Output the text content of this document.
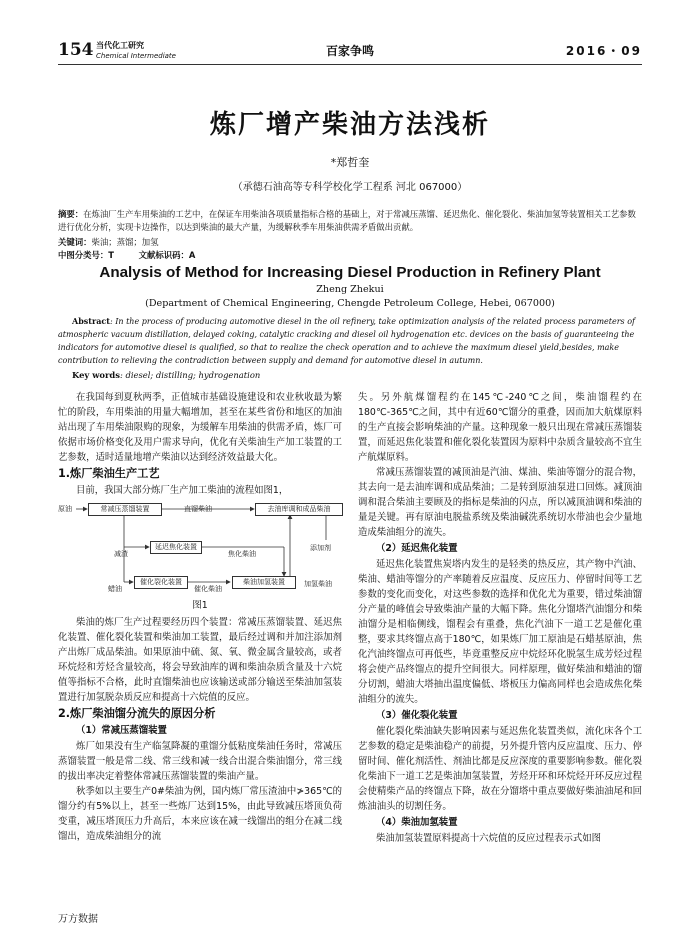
154 当代化工研究
Chemical Intermediate	百家争鸣	2016・09
炼厂增产柴油方法浅析
*郑哲奎
（承德石油高等专科学校化学工程系 河北 067000）
摘要：在炼油厂生产车用柴油的工艺中，在保证车用柴油各项质量指标合格的基础上，对于常减压蒸馏、延迟焦化、催化裂化、柴油加氢等装置相关工艺参数进行优化分析，实现卡边操作，以达到柴油的最大产量，为缓解秋季车用柴油供需矛盾做出贡献。
关键词：柴油；蒸馏；加氢
中图分类号：T	文献标识码：A
Analysis of Method for Increasing Diesel Production in Refinery Plant
Zheng Zhekui
(Department of Chemical Engineering, Chengde Petroleum College, Hebei, 067000)
Abstract: In the process of producing automotive diesel in the oil refinery, take optimization analysis of the related process parameters of atmospheric vacuum distillation, delayed coking, catalytic cracking and diesel oil hydrogenation etc. devices on the basis of guaranteeing the indicators for automotive diesel is qualified, so that to realize the check operation and to achieve the maximum diesel yield,besides, make contribution to relieving the contradiction between supply and demand for automotive diesel in autumn.
Key words: diesel; distilling; hydrogenation

在我国每到夏秋两季，正值城市基础设施建设和农业秋收最为繁忙的阶段，车用柴油的用量大幅增加，甚至在某些省份和地区的加油站出现了车用柴油限购的现象，为缓解车用柴油的供需矛盾，炼厂可依据市场价格变化及用户需求导向，优化有关柴油生产加工装置的工艺参数，适时适量地增产柴油以达到经济效益最大化。

1.炼厂柴油生产工艺

目前，我国大部分炼厂生产加工柴油的流程如图1，

原油	常减压蒸馏装置	直馏柴油	去油库调和成品柴油
减渣
延迟焦化装置
焦化柴油
添加剂
蜡油
催化裂化装置
催化柴油
柴油加氢装置	加氢柴油
图1

柴油的炼厂生产过程要经历四个装置：常减压蒸馏装置、延迟焦化装置、催化裂化装置和柴油加工装置，最后经过调和并加注添加剂产出炼厂成品柴油。如果原油中硫、氮、氧、微金属含量较高，或者环烷烃和芳烃含量较高，将会导致油库的调和柴油杂质含量及十六烷值等指标不合格，此时直馏柴油也应该输送或部分输送至柴油加氢装置进行加氢脱杂质反应和提高十六烷值的反应。

2.炼厂柴油馏分流失的原因分析
（1）常减压蒸馏装置

炼厂如果没有生产临氢降凝的重馏分低粘度柴油任务时，常减压蒸馏装置一般是常二线、常三线和减一线合出混合柴油馏分，常三线的拔出率决定着整体常减压蒸馏装置的柴油产量。

秋季如以主要生产0#柴油为例，国内炼厂常压渣油中≯365℃的馏分约有5%以上，甚至一些炼厂达到15%，由此导致减压塔顶负荷变重，减压塔顶压力升高后，本来应该在减一线馏出的组分在减二线馏出，造成柴油组分的流

失。另外航煤馏程约在145℃-240℃之间，柴油馏程约在180℃-365℃之间，其中有近60℃馏分的重叠，因而加大航煤原料的生产直接会影响柴油的产量。这种现象一般只出现在常减压蒸馏装置，而延迟焦化装置和催化裂化装置因为原料中杂质含量较高不宜生产航煤原料。

常减压蒸馏装置的减顶油是汽油、煤油、柴油等馏分的混合物，其去向一是去油库调和成品柴油；二是转到原油泵进口回炼。减顶油调和混合柴油主要顾及的指标是柴油的闪点，所以减顶油调和柴油的量是关键。再有原油电脱盐系统及柴油碱洗系统切水带油也会少量地造成柴油组分的流失。

（2）延迟焦化装置

延迟焦化装置焦炭塔内发生的是轻类的热反应，其产物中汽油、柴油、蜡油等馏分的产率随着反应温度、反应压力、停留时间等工艺参数的变化而变化，对这些参数的选择和优化尤为重要，错过柴油馏分产量的峰值会导致柴油产量的大幅下降。焦化分馏塔汽油馏分和柴油馏分是相临侧线，馏程会有重叠，焦化汽油下一道工艺是催化重整，要求其终馏点高于180℃，如果炼厂加工原油是石蜡基原油，焦化汽油终馏点可再低些，毕竟重整反应中烷烃环化脱氢生成芳烃过程将会使产品终馏点的提升空间很大。同样原理，做好柴油和蜡油的馏分切割，蜡油大塔抽出温度偏低、塔板压力偏高同样也会造成焦化柴油组分的流失。

（3）催化裂化装置

催化裂化柴油缺失影响因素与延迟焦化装置类似，流化床各个工艺参数的稳定是柴油稳产的前提，另外提升管内反应温度、压力、停留时间、催化剂活性、剂油比都是反应深度的重要影响参数。催化裂化柴油下一道工艺是柴油加氢装置，芳烃开环和环烷烃开环反应过程会使精柴产品的终馏点下降，故在分馏塔中重点要做好柴油油尾和回炼油油头的切割任务。

（4）柴油加氢装置

柴油加氢装置原料提高十六烷值的反应过程表示式如图

万方数据
